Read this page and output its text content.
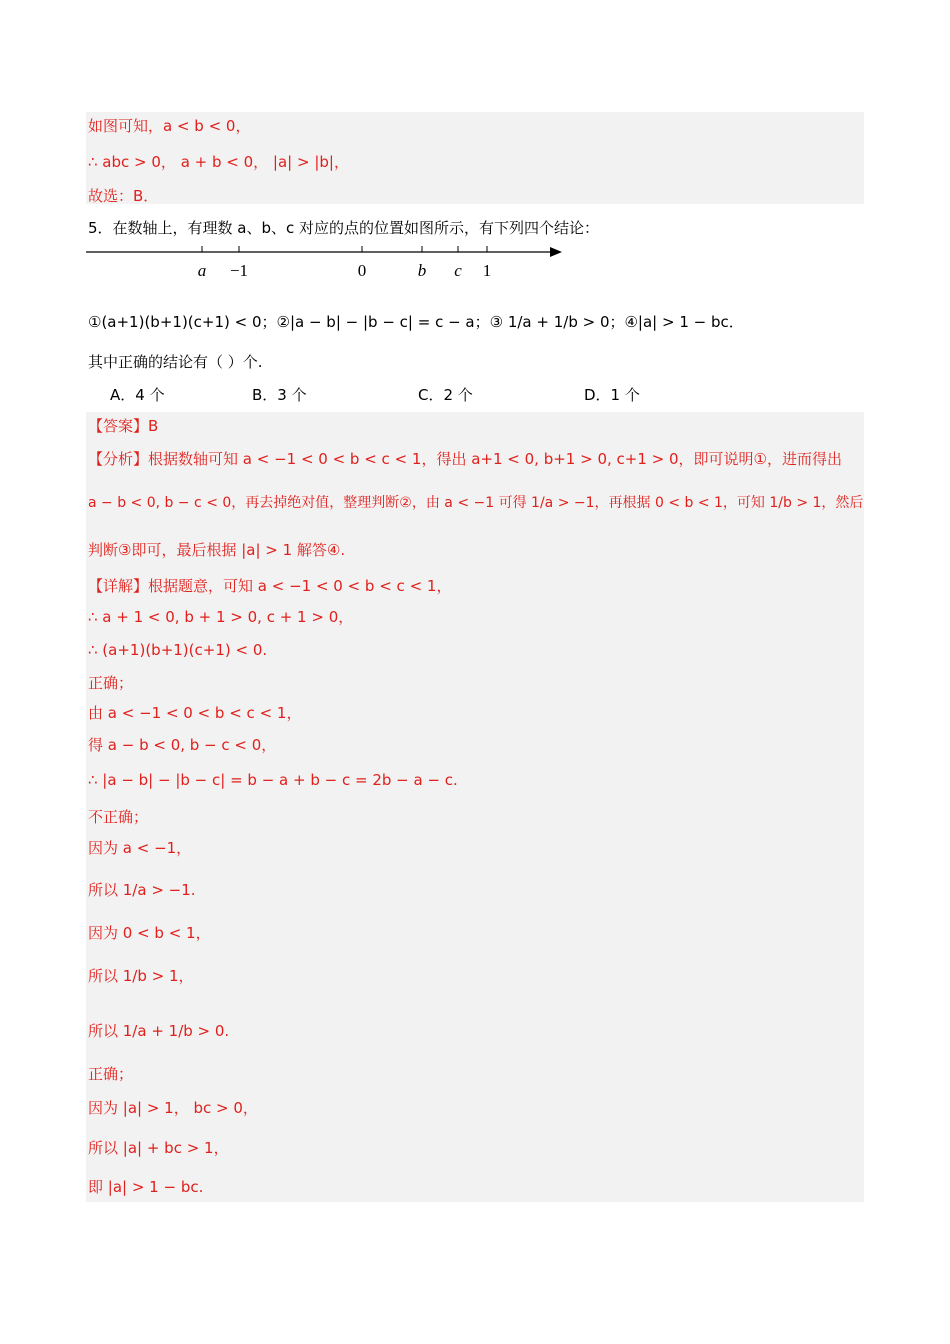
如图可知，a < b < 0，
∴ abc > 0， a + b < 0， |a| > |b|，
故选：B．
5．在数轴上，有理数 a、b、c 对应的点的位置如图所示，有下列四个结论：
a −1	0	b c 1
①(a+1)(b+1)(c+1) < 0；②|a − b| − |b − c| = c − a；③ 1/a + 1/b > 0；④|a| > 1 − bc．
其中正确的结论有（ ）个.
A．4 个	B．3 个	C．2 个	D．1 个
【答案】B
【分析】根据数轴可知 a < −1 < 0 < b < c < 1，得出 a+1 < 0, b+1 > 0, c+1 > 0，即可说明①，进而得出
a − b < 0, b − c < 0，再去掉绝对值，整理判断②，由 a < −1 可得 1/a > −1，再根据 0 < b < 1，可知 1/b > 1，然后
判断③即可，最后根据 |a| > 1 解答④.
【详解】根据题意，可知 a < −1 < 0 < b < c < 1，
∴ a + 1 < 0, b + 1 > 0, c + 1 > 0，
∴ (a+1)(b+1)(c+1) < 0.
正确；
由 a < −1 < 0 < b < c < 1，
得 a − b < 0, b − c < 0，
∴ |a − b| − |b − c| = b − a + b − c = 2b − a − c.
不正确；
因为 a < −1，
所以 1/a > −1.
因为 0 < b < 1，
所以 1/b > 1，
所以 1/a + 1/b > 0.
正确；
因为 |a| > 1， bc > 0，
所以 |a| + bc > 1，
即 |a| > 1 − bc.
